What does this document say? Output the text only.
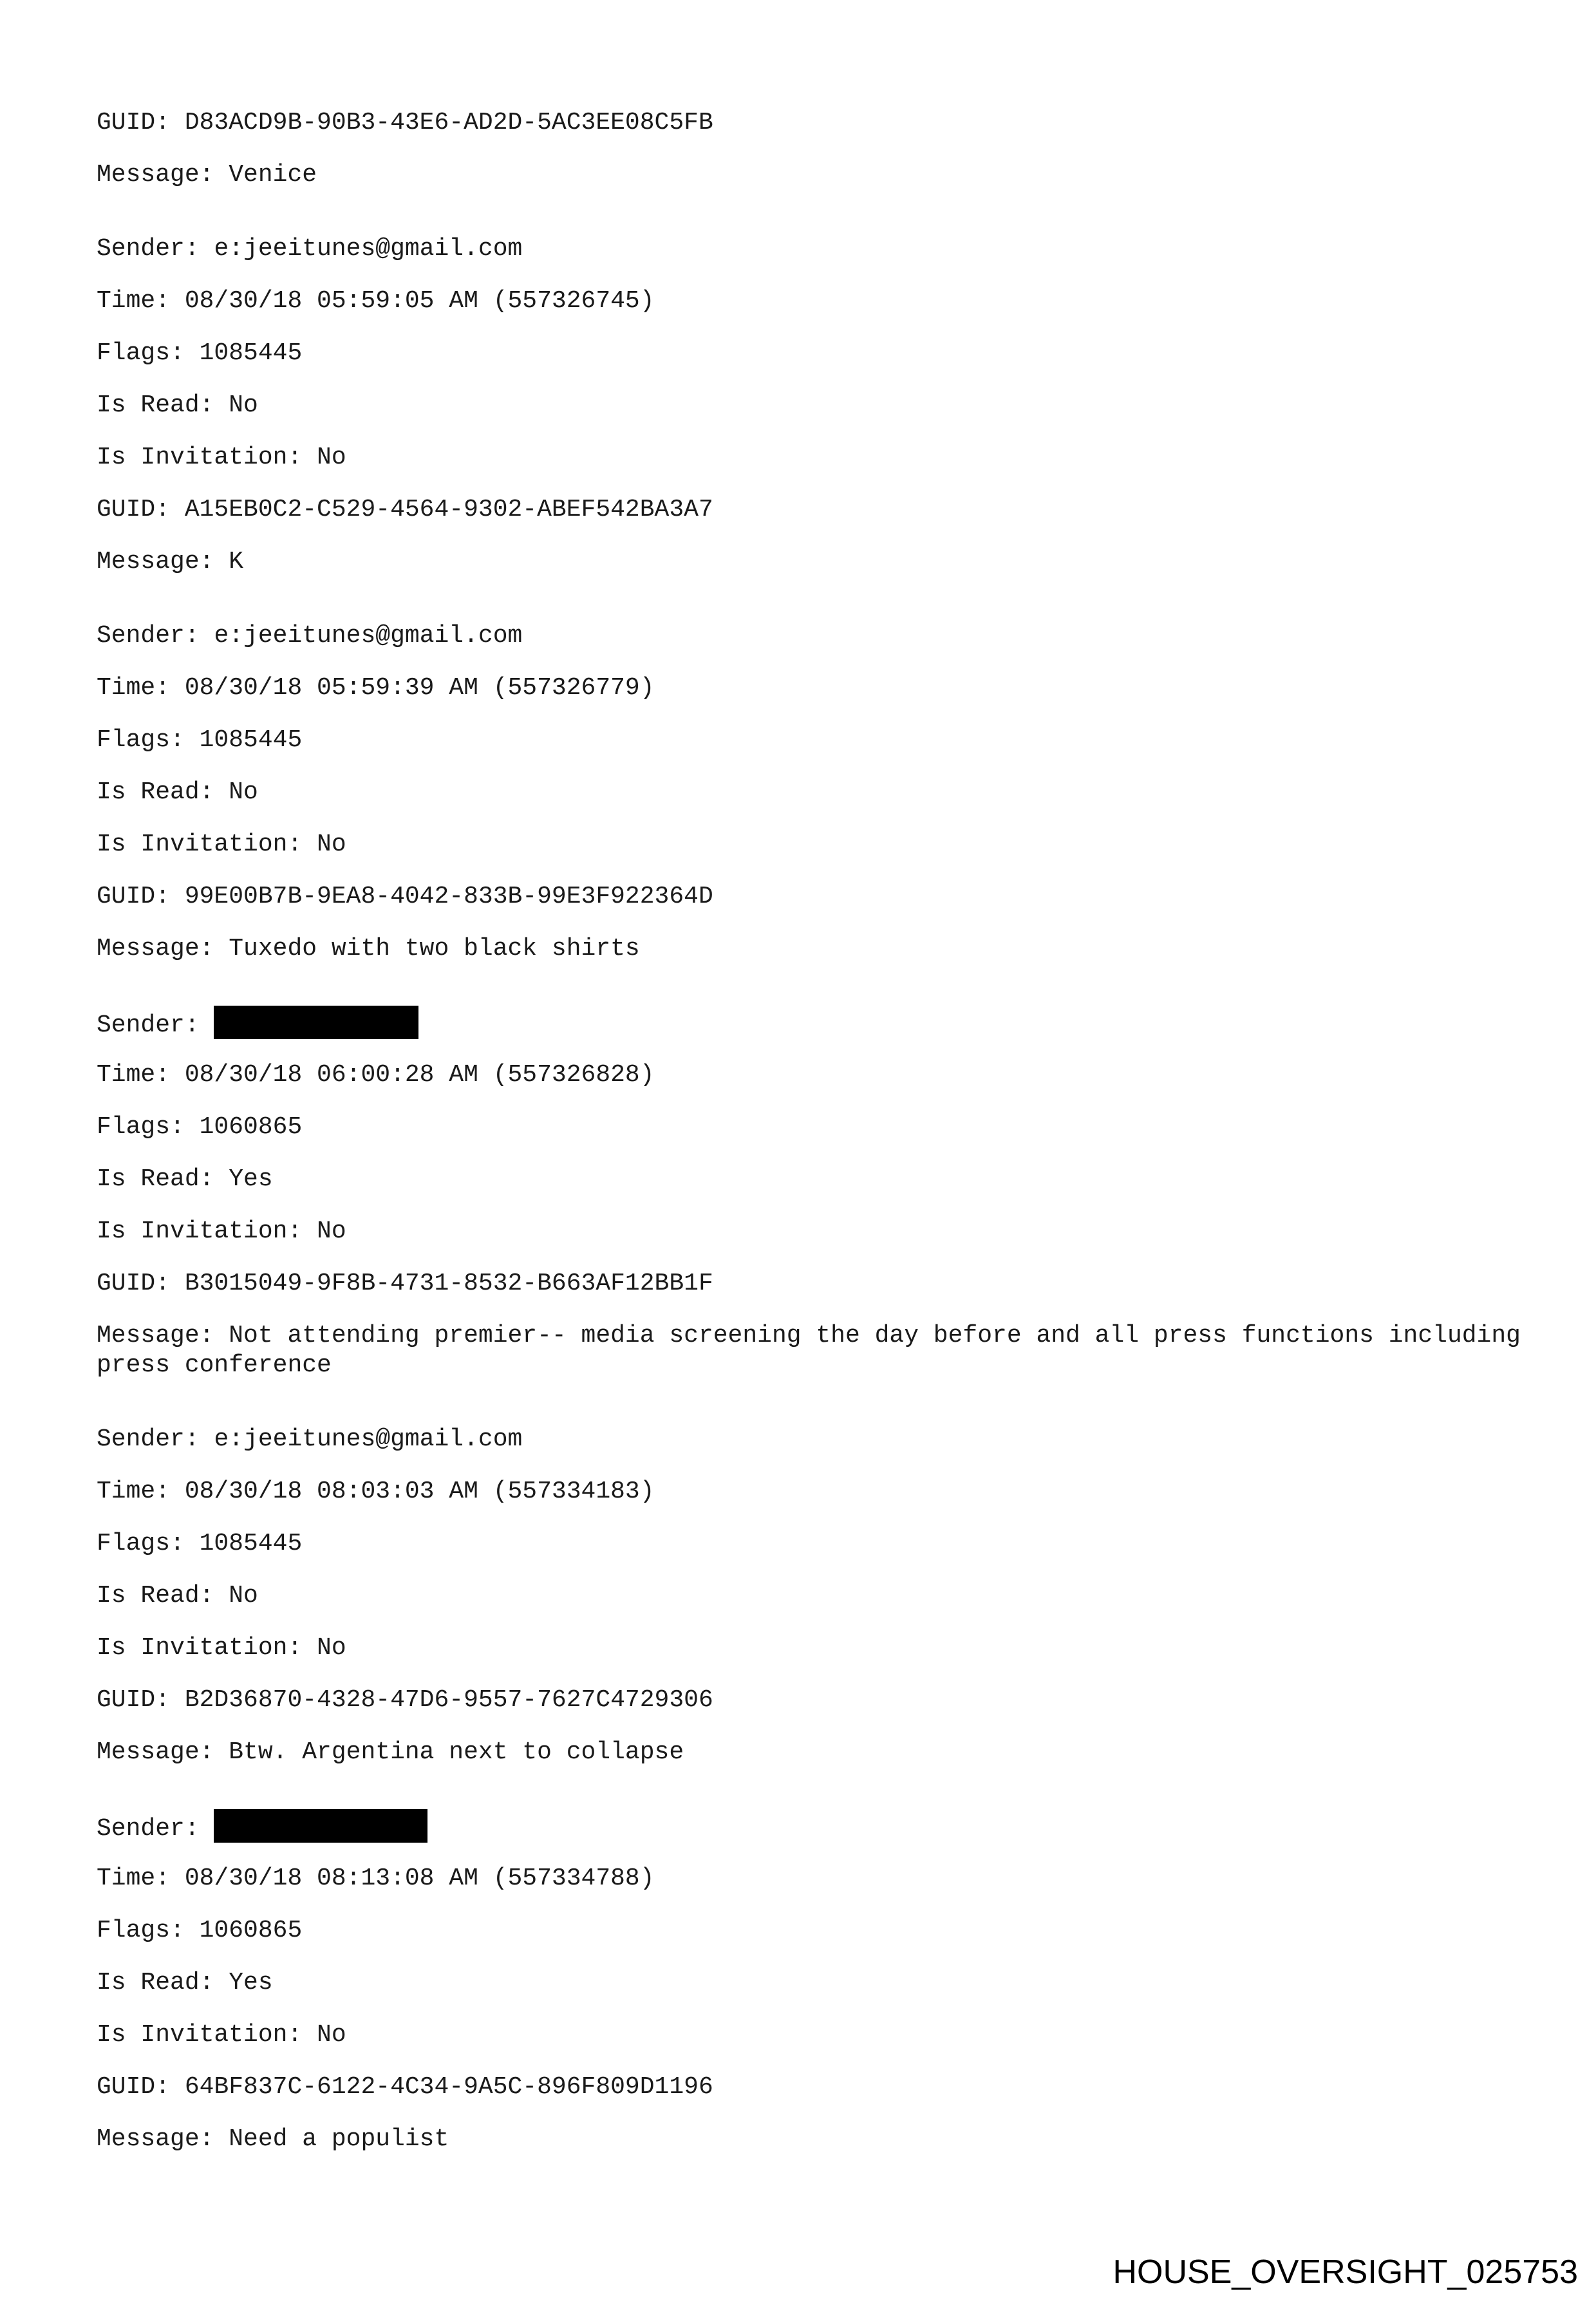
GUID: D83ACD9B-90B3-43E6-AD2D-5AC3EE08C5FB
Message: Venice
Sender: e:jeeitunes@gmail.com
Time: 08/30/18 05:59:05 AM (557326745)
Flags: 1085445
Is Read: No
Is Invitation: No
GUID: A15EB0C2-C529-4564-9302-ABEF542BA3A7
Message: K
Sender: e:jeeitunes@gmail.com
Time: 08/30/18 05:59:39 AM (557326779)
Flags: 1085445
Is Read: No
Is Invitation: No
GUID: 99E00B7B-9EA8-4042-833B-99E3F922364D
Message: Tuxedo with two black shirts
Sender:
Time: 08/30/18 06:00:28 AM (557326828)
Flags: 1060865
Is Read: Yes
Is Invitation: No
GUID: B3015049-9F8B-4731-8532-B663AF12BB1F
Message: Not attending premier-- media screening the day before and all press functions including press conference
Sender: e:jeeitunes@gmail.com
Time: 08/30/18 08:03:03 AM (557334183)
Flags: 1085445
Is Read: No
Is Invitation: No
GUID: B2D36870-4328-47D6-9557-7627C4729306
Message: Btw. Argentina next to collapse
Sender:
Time: 08/30/18 08:13:08 AM (557334788)
Flags: 1060865
Is Read: Yes
Is Invitation: No
GUID: 64BF837C-6122-4C34-9A5C-896F809D1196
Message: Need a populist
HOUSE_OVERSIGHT_025753
